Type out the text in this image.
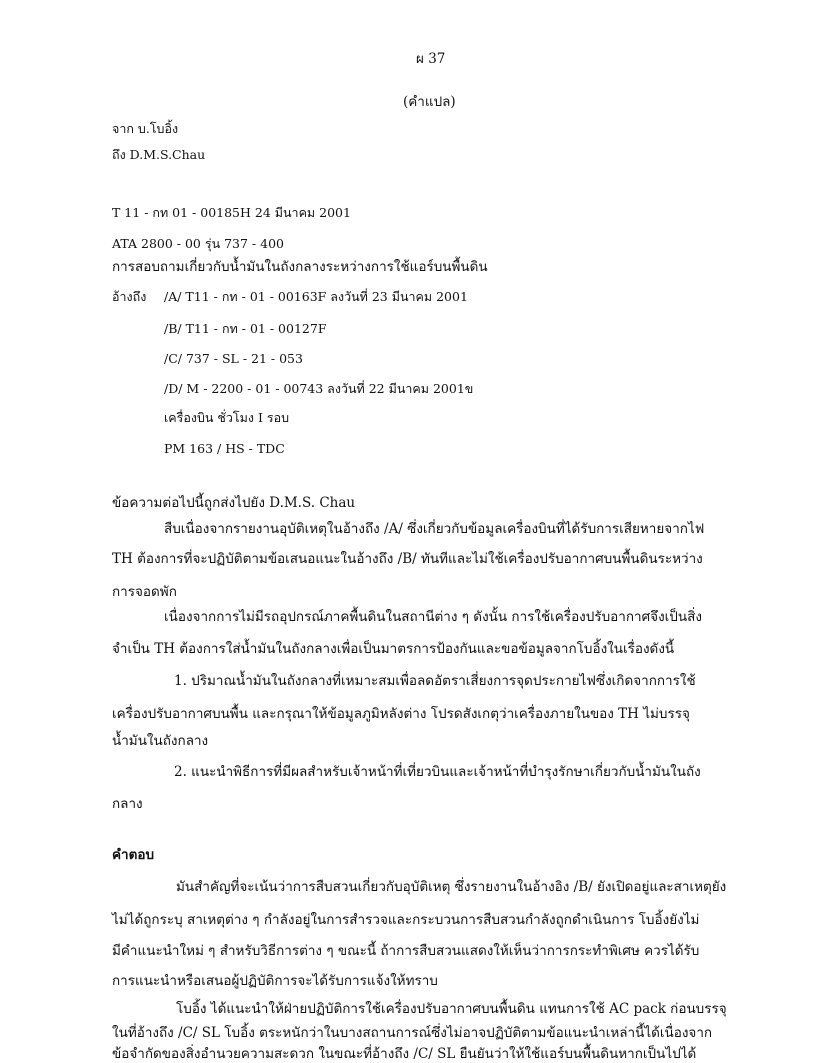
ผ 37
(คำแปล)
จาก บ.โบอิ้ง
ถึง D.M.S.Chau
T 11 - กท 01 - 00185H 24 มีนาคม 2001
ATA 2800 - 00 รุ่น 737 - 400
การสอบถามเกี่ยวกับน้ำมันในถังกลางระหว่างการใช้แอร์บนพื้นดิน
อ้างถึง /A/ T11 - กท - 01 - 00163F ลงวันที่ 23 มีนาคม 2001
/B/ T11 - กท - 01 - 00127F
/C/ 737 - SL - 21 - 053
/D/ M - 2200 - 01 - 00743 ลงวันที่ 22 มีนาคม 2001ข
เครื่องบิน ชั่วโมง I รอบ
PM 163 / HS - TDC
ข้อความต่อไปนี้ถูกส่งไปยัง D.M.S. Chau
สืบเนื่องจากรายงานอุบัติเหตุในอ้างถึง /A/ ซึ่งเกี่ยวกับข้อมูลเครื่องบินที่ได้รับการเสียหายจากไฟ
TH ต้องการที่จะปฏิบัติตามข้อเสนอแนะในอ้างถึง /B/ ทันทีและไม่ใช้เครื่องปรับอากาศบนพื้นดินระหว่าง
การจอดพัก
เนื่องจากการไม่มีรถอุปกรณ์ภาคพื้นดินในสถานีต่าง ๆ ดังนั้น การใช้เครื่องปรับอากาศจึงเป็นสิ่ง
จำเป็น TH ต้องการใส่น้ำมันในถังกลางเพื่อเป็นมาตรการป้องกันและขอข้อมูลจากโบอิ้งในเรื่องดังนี้
1. ปริมาณน้ำมันในถังกลางที่เหมาะสมเพื่อลดอัตราเสี่ยงการจุดประกายไฟซึ่งเกิดจากการใช้
เครื่องปรับอากาศบนพื้น และกรุณาให้ข้อมูลภูมิหลังต่าง โปรดสังเกตุว่าเครื่องภายในของ TH ไม่บรรจุ
น้ำมันในถังกลาง
2. แนะนำพิธีการที่มีผลสำหรับเจ้าหน้าที่เที่ยวบินและเจ้าหน้าที่บำรุงรักษาเกี่ยวกับน้ำมันในถัง
กลาง
คำตอบ
มันสำคัญที่จะเน้นว่าการสืบสวนเกี่ยวกับอุบัติเหตุ ซึ่งรายงานในอ้างอิง /B/ ยังเปิดอยู่และสาเหตุยัง
ไม่ได้ถูกระบุ สาเหตุต่าง ๆ กำลังอยู่ในการสำรวจและกระบวนการสืบสวนกำลังถูกดำเนินการ โบอิ้งยังไม่
มีคำแนะนำใหม่ ๆ สำหรับวิธีการต่าง ๆ ขณะนี้ ถ้าการสืบสวนแสดงให้เห็นว่าการกระทำพิเศษ ควรได้รับ
การแนะนำหรือเสนอผู้ปฏิบัติการจะได้รับการแจ้งให้ทราบ
โบอิ้ง ได้แนะนำให้ฝ่ายปฏิบัติการใช้เครื่องปรับอากาศบนพื้นดิน แทนการใช้ AC pack ก่อนบรรจุ
ในที่อ้างถึง /C/ SL โบอิ้ง ตระหนักว่าในบางสถานการณ์ซึ่งไม่อาจปฏิบัติตามข้อแนะนำเหล่านี้ได้เนื่องจาก
ข้อจำกัดของสิ่งอำนวยความสะดวก ในขณะที่อ้างถึง /C/ SL ยืนยันว่าให้ใช้แอร์บนพื้นดินหากเป็นไปได้
